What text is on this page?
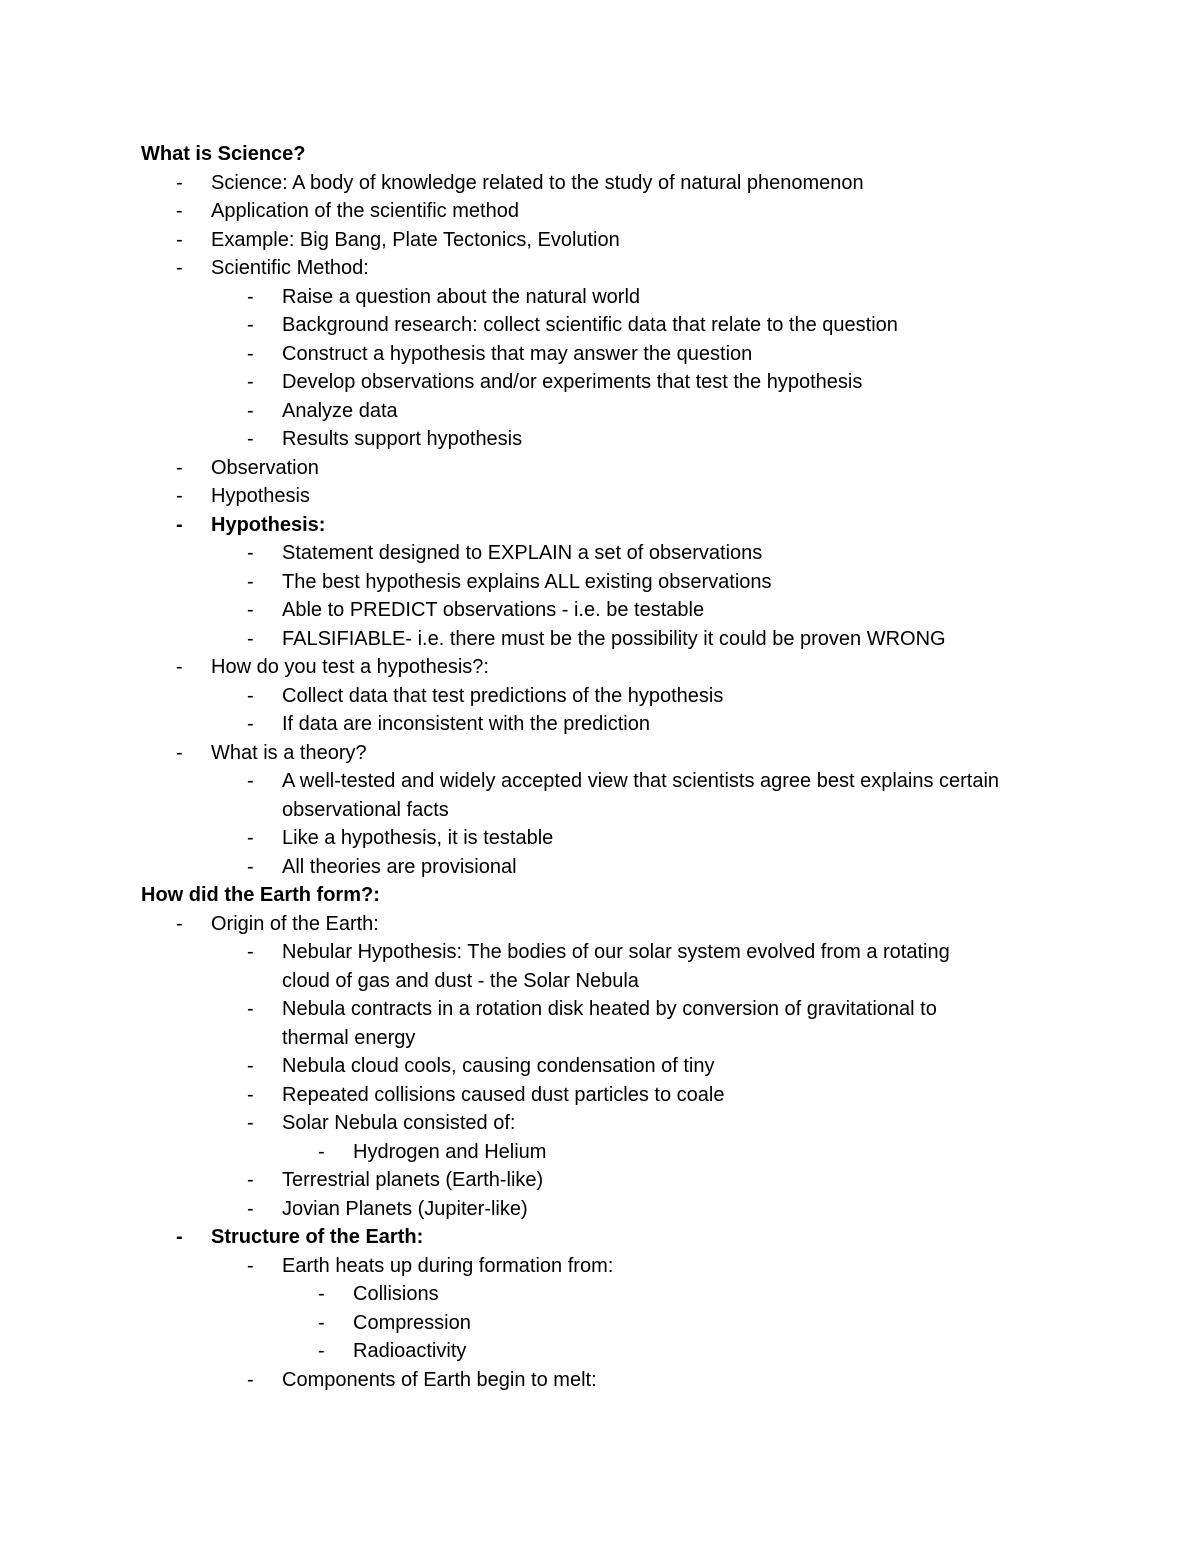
What is Science?
- Science: A body of knowledge related to the study of natural phenomenon
- Application of the scientific method
- Example: Big Bang, Plate Tectonics, Evolution
- Scientific Method:
- Raise a question about the natural world
- Background research: collect scientific data that relate to the question
- Construct a hypothesis that may answer the question
- Develop observations and/or experiments that test the hypothesis
- Analyze data
- Results support hypothesis
- Observation
- Hypothesis
- Hypothesis:
- Statement designed to EXPLAIN a set of observations
- The best hypothesis explains ALL existing observations
- Able to PREDICT observations - i.e. be testable
- FALSIFIABLE- i.e. there must be the possibility it could be proven WRONG
- How do you test a hypothesis?:
- Collect data that test predictions of the hypothesis
- If data are inconsistent with the prediction
- What is a theory?
- A well-tested and widely accepted view that scientists agree best explains certain
observational facts
- Like a hypothesis, it is testable
- All theories are provisional
How did the Earth form?:
- Origin of the Earth:
- Nebular Hypothesis: The bodies of our solar system evolved from a rotating
cloud of gas and dust - the Solar Nebula
- Nebula contracts in a rotation disk heated by conversion of gravitational to
thermal energy
- Nebula cloud cools, causing condensation of tiny
- Repeated collisions caused dust particles to coale
- Solar Nebula consisted of:
- Hydrogen and Helium
- Terrestrial planets (Earth-like)
- Jovian Planets (Jupiter-like)
- Structure of the Earth:
- Earth heats up during formation from:
- Collisions
- Compression
- Radioactivity
- Components of Earth begin to melt:
